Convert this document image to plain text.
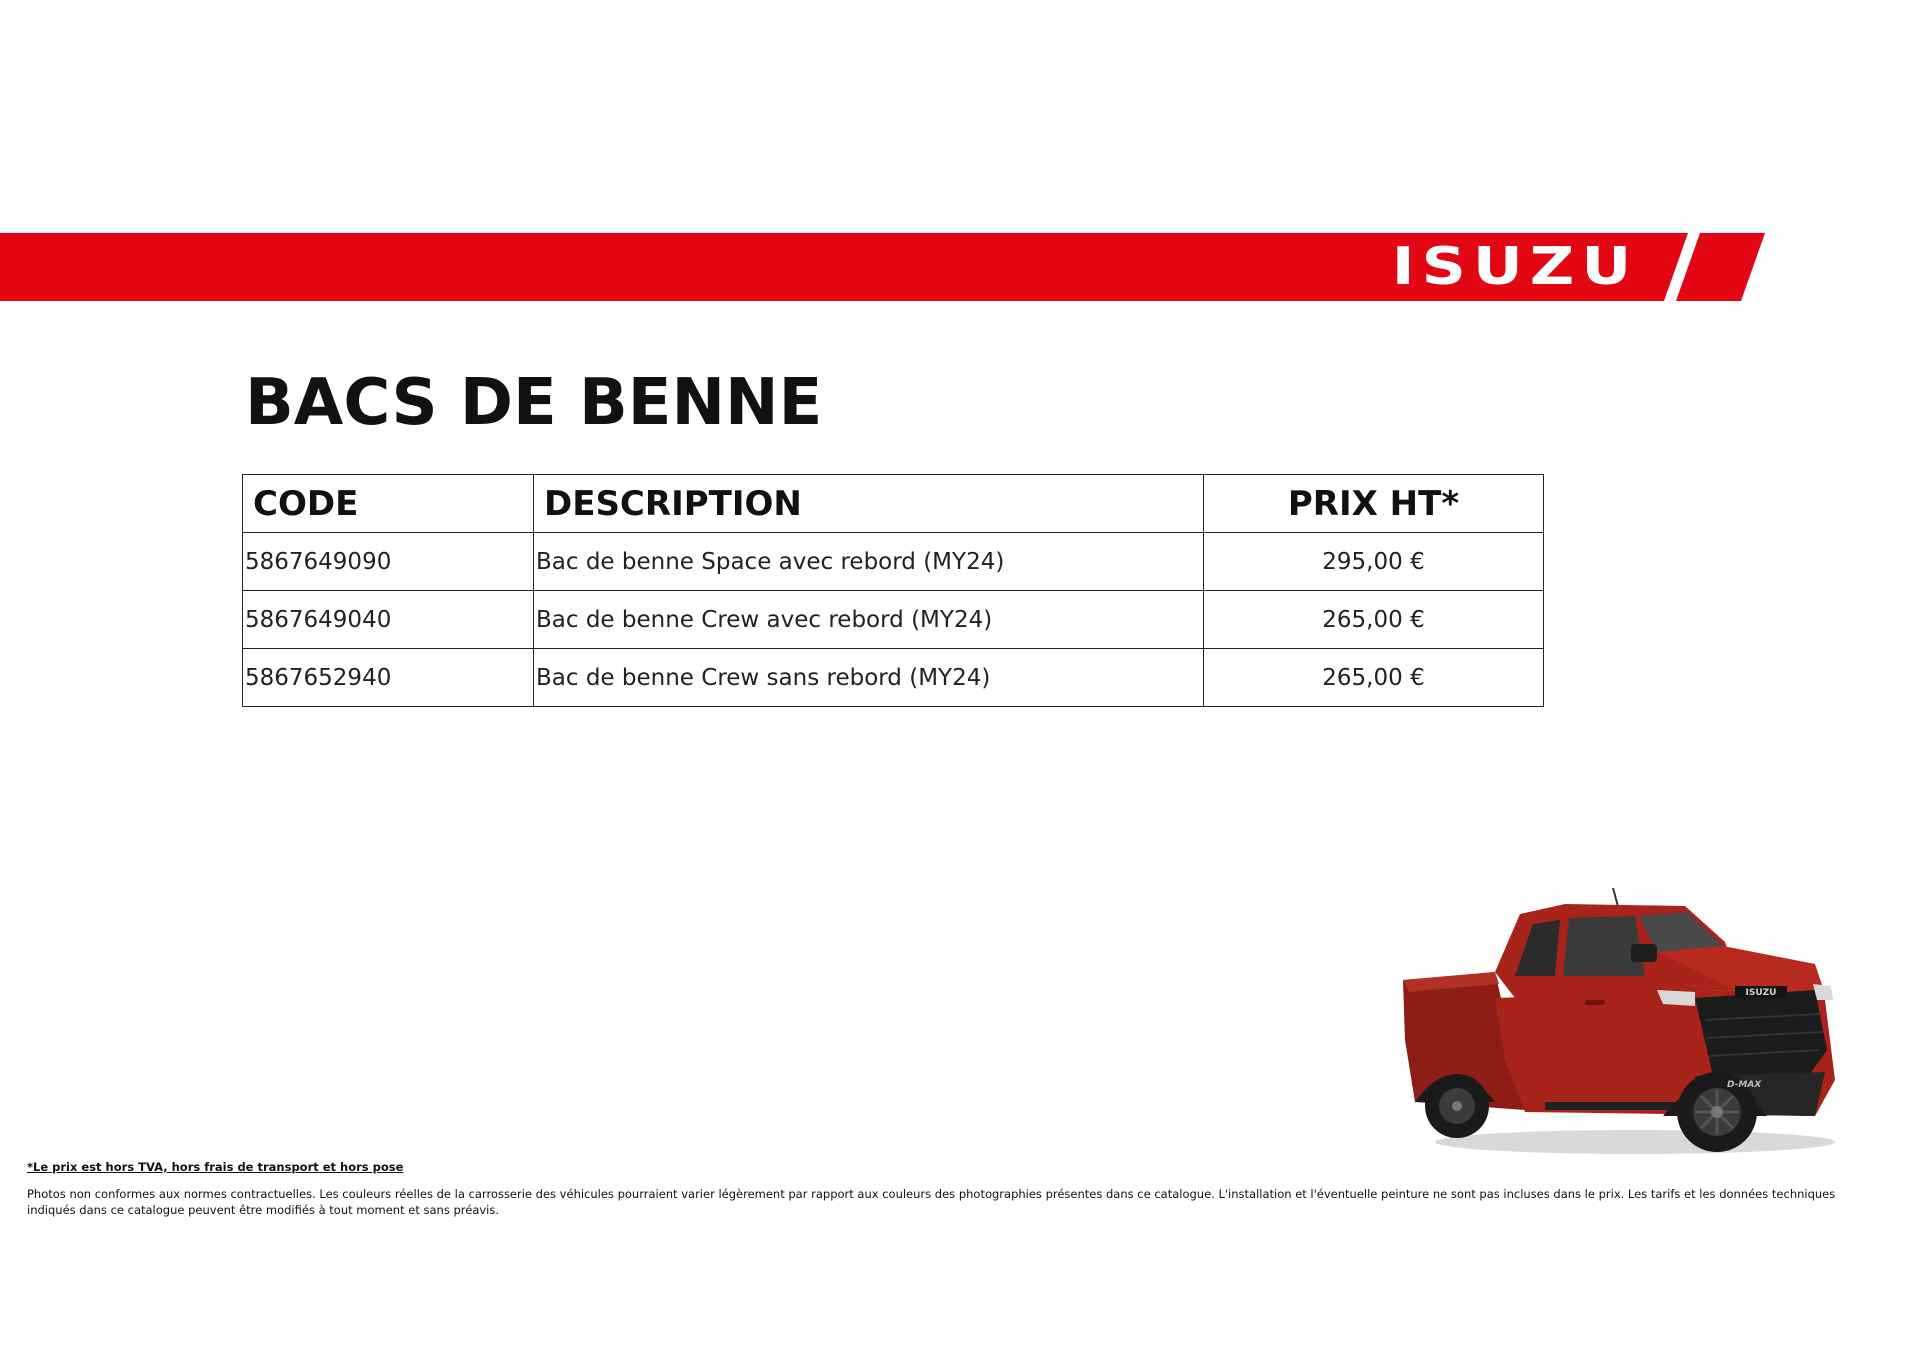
ISUZU
BACS DE BENNE
CODE	DESCRIPTION	PRIX HT*
5867649090	Bac de benne Space avec rebord (MY24)	295,00 €
5867649040	Bac de benne Crew avec rebord (MY24)	265,00 €
5867652940	Bac de benne Crew sans rebord (MY24)	265,00 €
ISUZU
D-MAX

*Le prix est hors TVA, hors frais de transport et hors pose

Photos non conformes aux normes contractuelles. Les couleurs réelles de la carrosserie des véhicules pourraient varier légèrement par rapport aux couleurs des photographies présentes dans ce catalogue. L'installation et l'éventuelle peinture ne sont pas incluses dans le prix. Les tarifs et les données techniques indiqués dans ce catalogue peuvent être modifiés à tout moment et sans préavis.
